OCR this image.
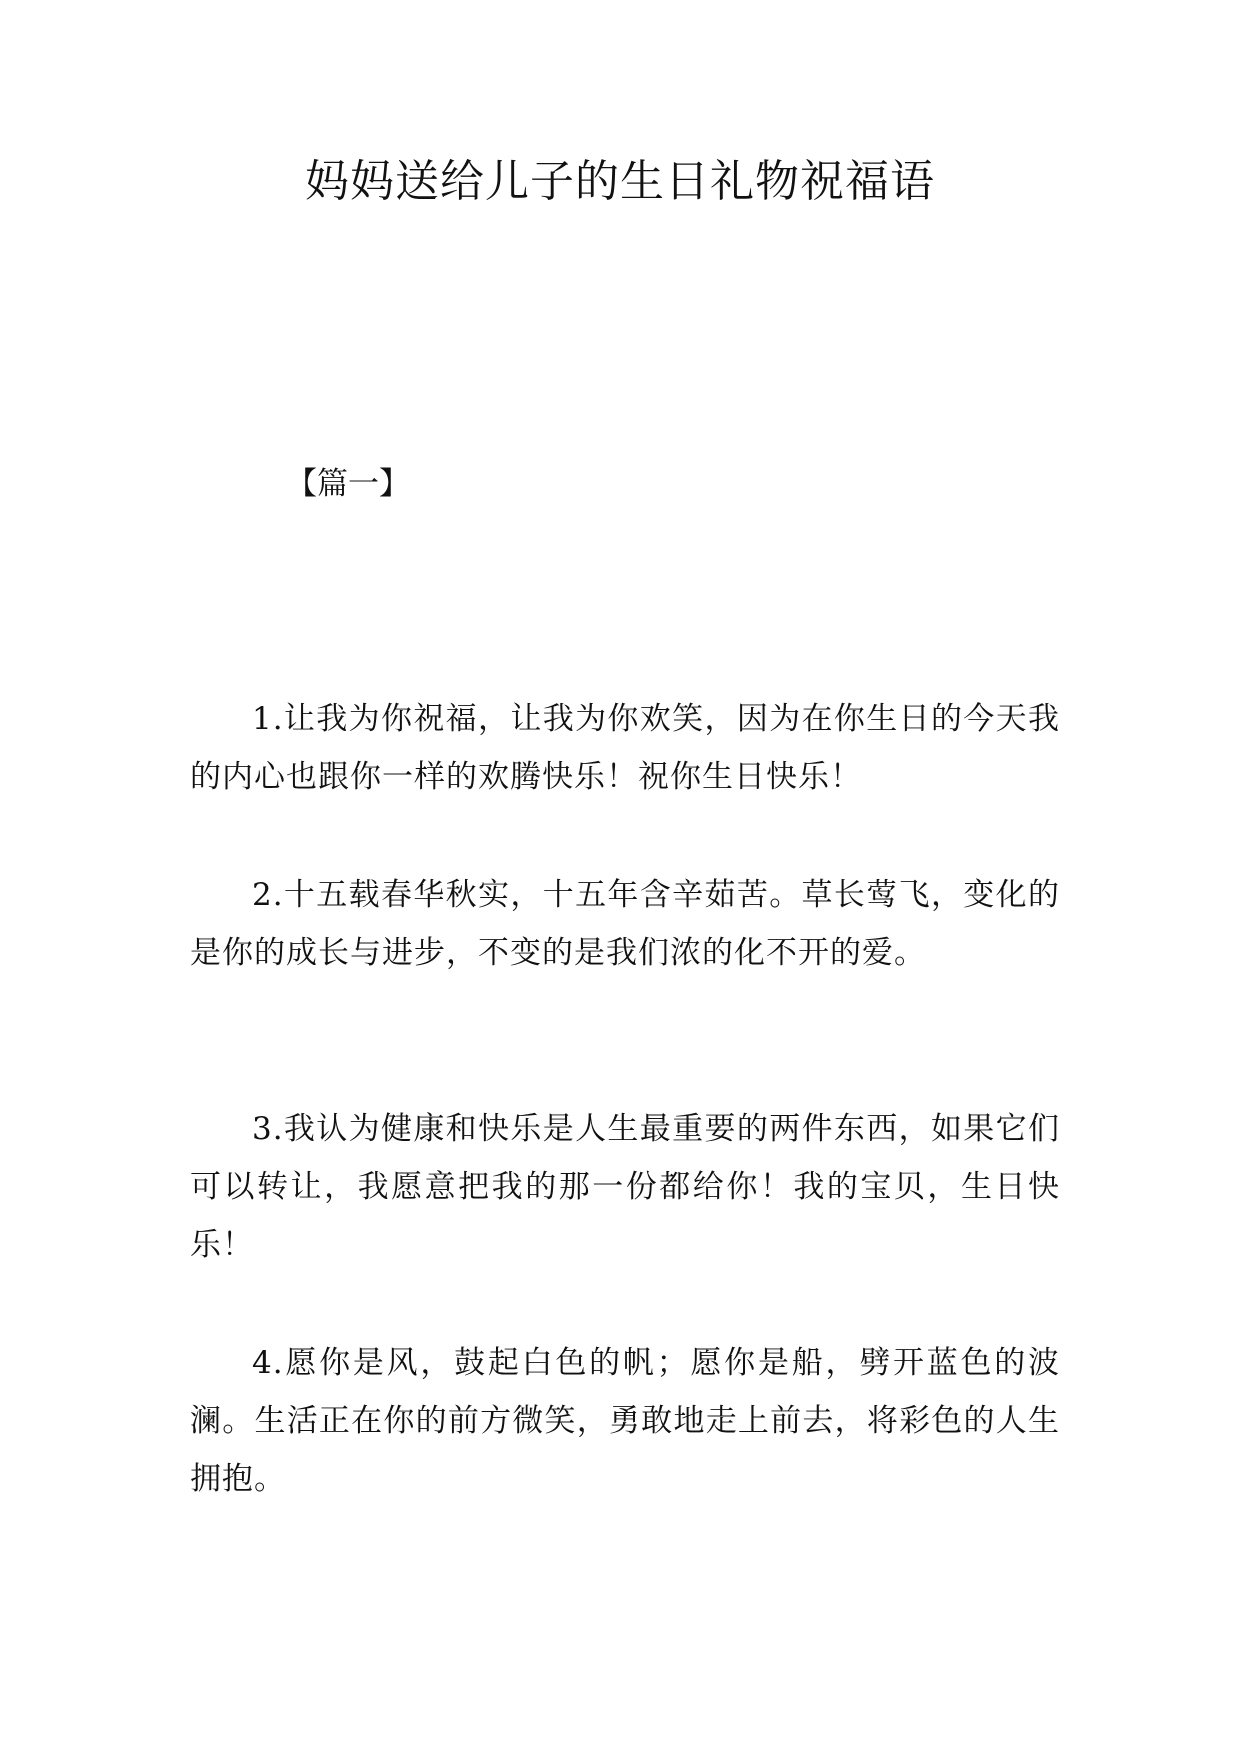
妈妈送给儿子的生日礼物祝福语
【篇一】

1.让我为你祝福，让我为你欢笑，因为在你生日的今天我的内心也跟你一样的欢腾快乐！祝你生日快乐！

2.十五载春华秋实，十五年含辛茹苦。草长莺飞，变化的是你的成长与进步，不变的是我们浓的化不开的爱。

3.我认为健康和快乐是人生最重要的两件东西，如果它们可以转让，我愿意把我的那一份都给你！我的宝贝，生日快乐！

4.愿你是风，鼓起白色的帆；愿你是船，劈开蓝色的波澜。生活正在你的前方微笑，勇敢地走上前去，将彩色的人生拥抱。
